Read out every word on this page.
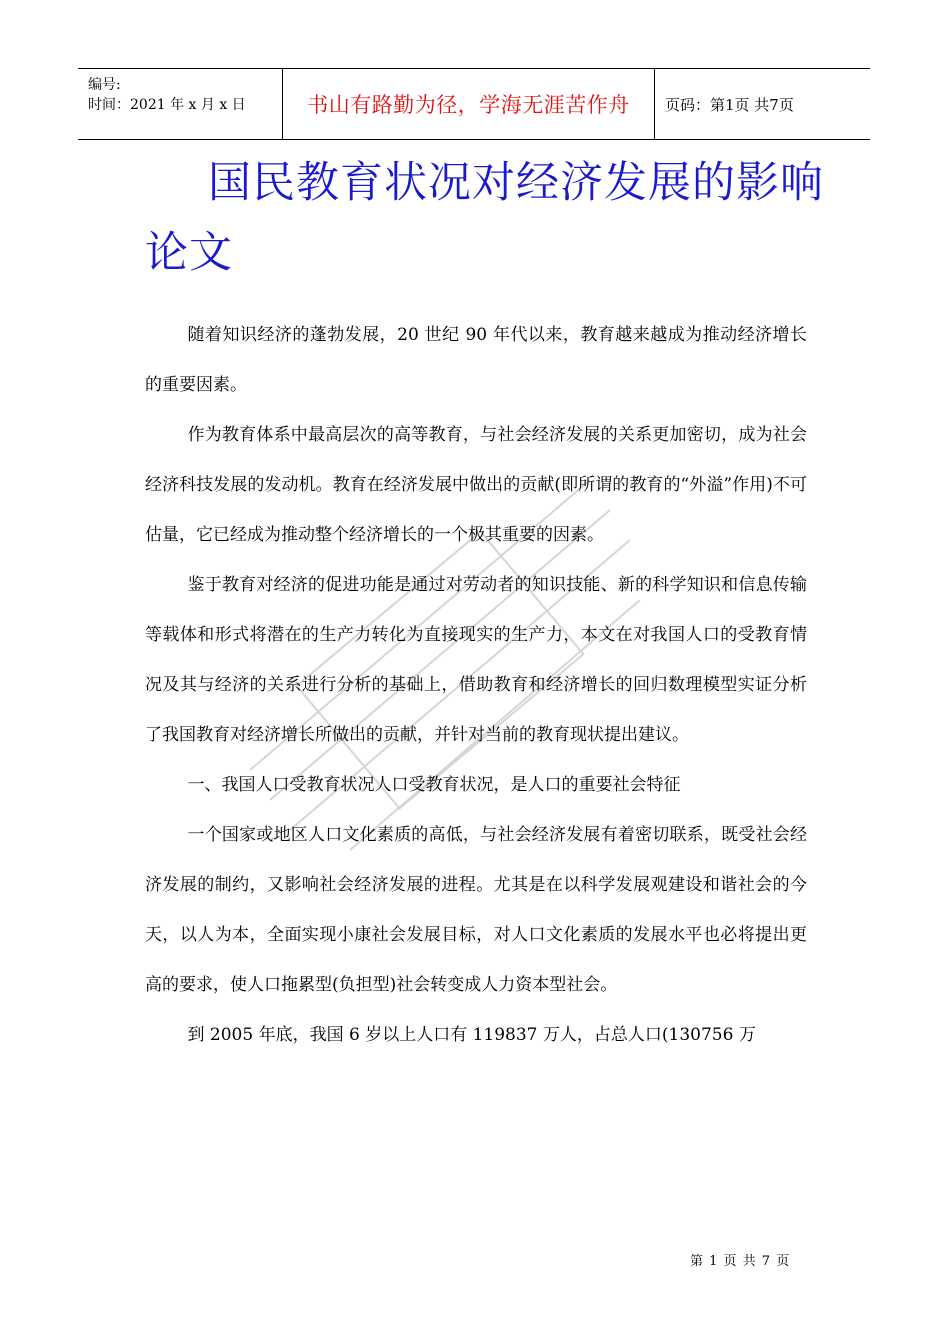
编号:
时间：2021 年 x 月 x 日	书山有路勤为径，学海无涯苦作舟	页码：第1页 共7页
国民教育状况对经济发展的影响论文

随着知识经济的蓬勃发展，20 世纪 90 年代以来，教育越来越成为推动经济增长的重要因素。

作为教育体系中最高层次的高等教育，与社会经济发展的关系更加密切，成为社会经济科技发展的发动机。教育在经济发展中做出的贡献(即所谓的教育的“外溢”作用)不可估量，它已经成为推动整个经济增长的一个极其重要的因素。

鉴于教育对经济的促进功能是通过对劳动者的知识技能、新的科学知识和信息传输等载体和形式将潜在的生产力转化为直接现实的生产力，本文在对我国人口的受教育情况及其与经济的关系进行分析的基础上，借助教育和经济增长的回归数理模型实证分析了我国教育对经济增长所做出的贡献，并针对当前的教育现状提出建议。

一、我国人口受教育状况人口受教育状况，是人口的重要社会特征

一个国家或地区人口文化素质的高低，与社会经济发展有着密切联系，既受社会经济发展的制约，又影响社会经济发展的进程。尤其是在以科学发展观建设和谐社会的今天，以人为本，全面实现小康社会发展目标，对人口文化素质的发展水平也必将提出更高的要求，使人口拖累型(负担型)社会转变成人力资本型社会。

到 2005 年底，我国 6 岁以上人口有 119837 万人，占总人口(130756 万

第 1 页 共 7 页
